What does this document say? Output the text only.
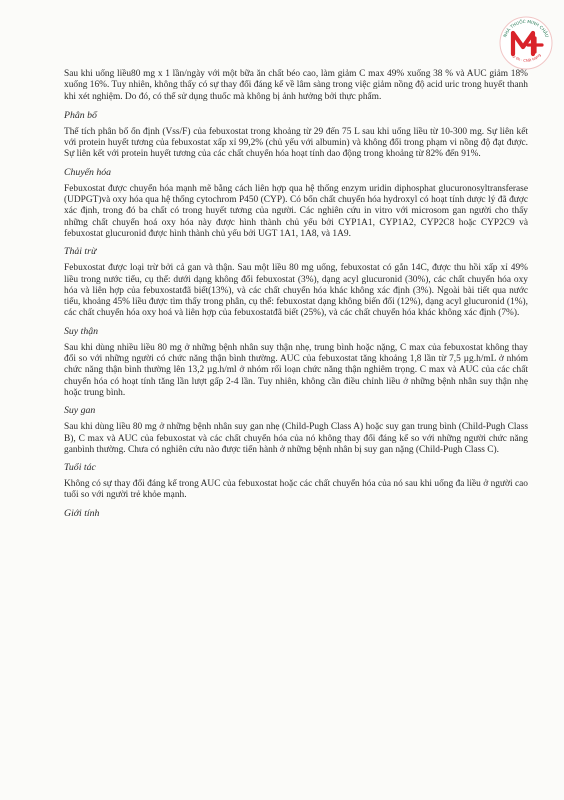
NHÀ THUỐC MINH CHÂU
Uy tín · Chất lượng

Sau khi uống liều80 mg x 1 lần/ngày với một bữa ăn chất béo cao, làm giảm C max 49% xuống 38 % và AUC giảm 18% xuống 16%. Tuy nhiên, không thấy có sự thay đổi đáng kể về lâm sàng trong việc giảm nồng độ acid uric trong huyết thanh khi xét nghiệm. Do đó, có thể sử dụng thuốc mà không bị ảnh hưởng bởi thực phẩm.

Phân bố

Thể tích phân bố ổn định (Vss/F) của febuxostat trong khoảng từ 29 đến 75 L sau khi uống liều từ 10-300 mg. Sự liên kết với protein huyết tương của febuxostat xấp xỉ 99,2% (chủ yếu với albumin) và không đổi trong phạm vi nồng độ đạt được. Sự liên kết với protein huyết tương của các chất chuyển hóa hoạt tính dao động trong khoảng từ 82% đến 91%.

Chuyển hóa

Febuxostat được chuyển hóa mạnh mẽ bằng cách liên hợp qua hệ thống enzym uridin diphosphat glucuronosyltransferase (UDPGT)và oxy hóa qua hệ thống cytochrom P450 (CYP). Có bốn chất chuyển hóa hydroxyl có hoạt tính dược lý đã được xác định, trong đó ba chất có trong huyết tương của người. Các nghiên cứu in vitro với microsom gan người cho thấy những chất chuyển hoá oxy hóa này được hình thành chủ yếu bởi CYP1A1, CYP1A2, CYP2C8 hoặc CYP2C9 và febuxostat glucuronid được hình thành chủ yếu bởi UGT 1A1, 1A8, và 1A9.

Thải trừ

Febuxostat được loại trừ bởi cả gan và thận. Sau một liều 80 mg uống, febuxostat có gắn 14C, được thu hồi xấp xỉ 49% liều trong nước tiểu, cụ thể: dưới dạng không đổi febuxostat (3%), dạng acyl glucuronid (30%), các chất chuyển hóa oxy hóa và liên hợp của febuxostatđã biết(13%), và các chất chuyển hóa khác không xác định (3%). Ngoài bài tiết qua nước tiểu, khoảng 45% liều được tìm thấy trong phân, cụ thể: febuxostat dạng không biến đổi (12%), dạng acyl glucuronid (1%), các chất chuyển hóa oxy hoá và liên hợp của febuxostatđã biết (25%), và các chất chuyển hóa khác không xác định (7%).

Suy thận

Sau khi dùng nhiều liều 80 mg ở những bệnh nhân suy thận nhẹ, trung bình hoặc nặng, C max của febuxostat không thay đổi so với những người có chức năng thận bình thường. AUC của febuxostat tăng khoảng 1,8 lần từ 7,5 µg.h/mL ở nhóm chức năng thận bình thường lên 13,2 µg.h/ml ở nhóm rối loạn chức năng thận nghiêm trọng. C max và AUC của các chất chuyển hóa có hoạt tính tăng lần lượt gấp 2-4 lần. Tuy nhiên, không cần điều chỉnh liều ở những bệnh nhân suy thận nhẹ hoặc trung bình.

Suy gan

Sau khi dùng liều 80 mg ở những bệnh nhân suy gan nhẹ (Child-Pugh Class A) hoặc suy gan trung bình (Child-Pugh Class B), C max và AUC của febuxostat và các chất chuyển hóa của nó không thay đổi đáng kể so với những người chức năng ganbình thường. Chưa có nghiên cứu nào được tiến hành ở những bệnh nhân bị suy gan nặng (Child-Pugh Class C).

Tuổi tác

Không có sự thay đổi đáng kể trong AUC của febuxostat hoặc các chất chuyển hóa của nó sau khi uống đa liều ở người cao tuổi so với người trẻ khỏe mạnh.

Giới tính
